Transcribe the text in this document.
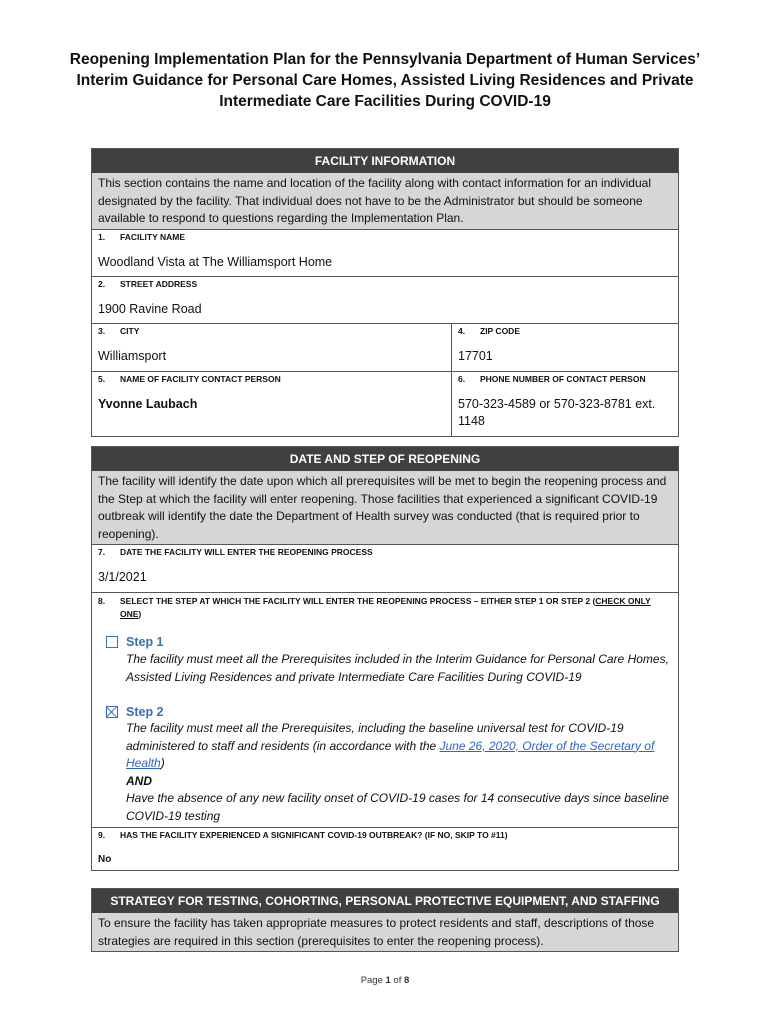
Reopening Implementation Plan for the Pennsylvania Department of Human Services’ Interim Guidance for Personal Care Homes, Assisted Living Residences and Private Intermediate Care Facilities During COVID-19
FACILITY INFORMATION
This section contains the name and location of the facility along with contact information for an individual designated by the facility. That individual does not have to be the Administrator but should be someone available to respond to questions regarding the Implementation Plan.
1.	FACILITY NAME
Woodland Vista at The Williamsport Home
2.	STREET ADDRESS
1900 Ravine Road
3.	CITY
Williamsport
4.	ZIP CODE
17701
5.	NAME OF FACILITY CONTACT PERSON
Yvonne Laubach
6.	PHONE NUMBER OF CONTACT PERSON
570-323-4589 or 570-323-8781 ext. 1148
DATE AND STEP OF REOPENING
The facility will identify the date upon which all prerequisites will be met to begin the reopening process and the Step at which the facility will enter reopening. Those facilities that experienced a significant COVID-19 outbreak will identify the date the Department of Health survey was conducted (that is required prior to reopening).
7.	DATE THE FACILITY WILL ENTER THE REOPENING PROCESS
3/1/2021
8.	SELECT THE STEP AT WHICH THE FACILITY WILL ENTER THE REOPENING PROCESS – EITHER STEP 1 OR STEP 2 (CHECK ONLY ONE)
Step 1
The facility must meet all the Prerequisites included in the Interim Guidance for Personal Care Homes, Assisted Living Residences and private Intermediate Care Facilities During COVID-19
Step 2
The facility must meet all the Prerequisites, including the baseline universal test for COVID-19 administered to staff and residents (in accordance with the June 26, 2020, Order of the Secretary of Health)
AND
Have the absence of any new facility onset of COVID-19 cases for 14 consecutive days since baseline COVID-19 testing
9.	HAS THE FACILITY EXPERIENCED A SIGNIFICANT COVID-19 OUTBREAK? (IF NO, SKIP TO #11)
No
STRATEGY FOR TESTING, COHORTING, PERSONAL PROTECTIVE EQUIPMENT, AND STAFFING
To ensure the facility has taken appropriate measures to protect residents and staff, descriptions of those strategies are required in this section (prerequisites to enter the reopening process).
Page 1 of 8
